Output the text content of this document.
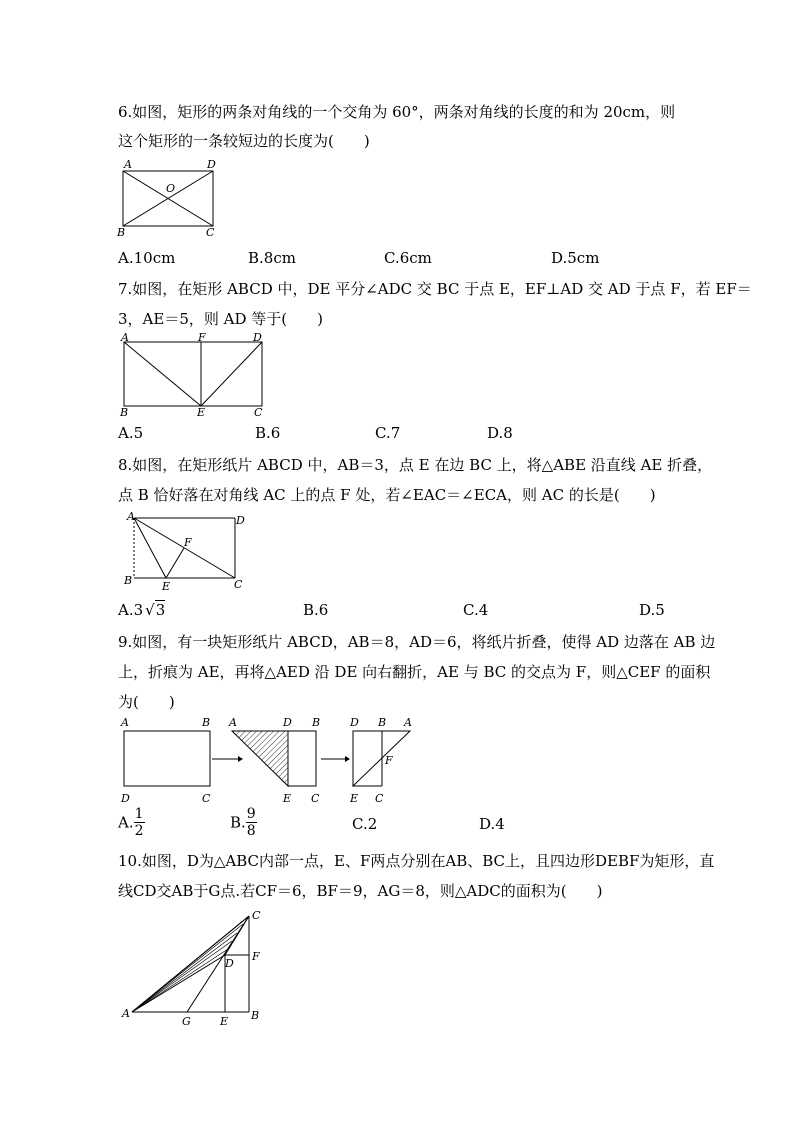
6.如图，矩形的两条对角线的一个交角为 60°，两条对角线的长度的和为 20cm，则
这个矩形的一条较短边的长度为(　　)
A	D
O
B	C
A.10cm	B.8cm	C.6cm	D.5cm
7.如图，在矩形 ABCD 中，DE 平分∠ADC 交 BC 于点 E，EF⊥AD 交 AD 于点 F，若 EF＝
3，AE＝5，则 AD 等于(　　)
A	F	D
B	E	C
A.5	B.6	C.7	D.8
8.如图，在矩形纸片 ABCD 中，AB＝3，点 E 在边 BC 上，将△ABE 沿直线 AE 折叠，
点 B 恰好落在对角线 AC 上的点 F 处，若∠EAC＝∠ECA，则 AC 的长是(　　)
A	D
F
B	E	C
A.3 √3	B.6	C.4	D.5
9.如图，有一块矩形纸片 ABCD，AB＝8，AD＝6，将纸片折叠，使得 AD 边落在 AB 边
上，折痕为 AE，再将△AED 沿 DE 向右翻折，AE 与 BC 的交点为 F，则△CEF 的面积
为(　　)
A	B
D	C
A	D B
E C
D B A
F
E C
A. $\frac{1}{2}$	B. $\frac{9}{8}$	C.2	D.4
10.如图，D为△ABC内部一点，E、F两点分别在AB、BC上，且四边形DEBF为矩形，直
线CD交AB于G点.若CF＝6，BF＝9，AG＝8，则△ADC的面积为(　　)
C
D
F
A
G	E B
